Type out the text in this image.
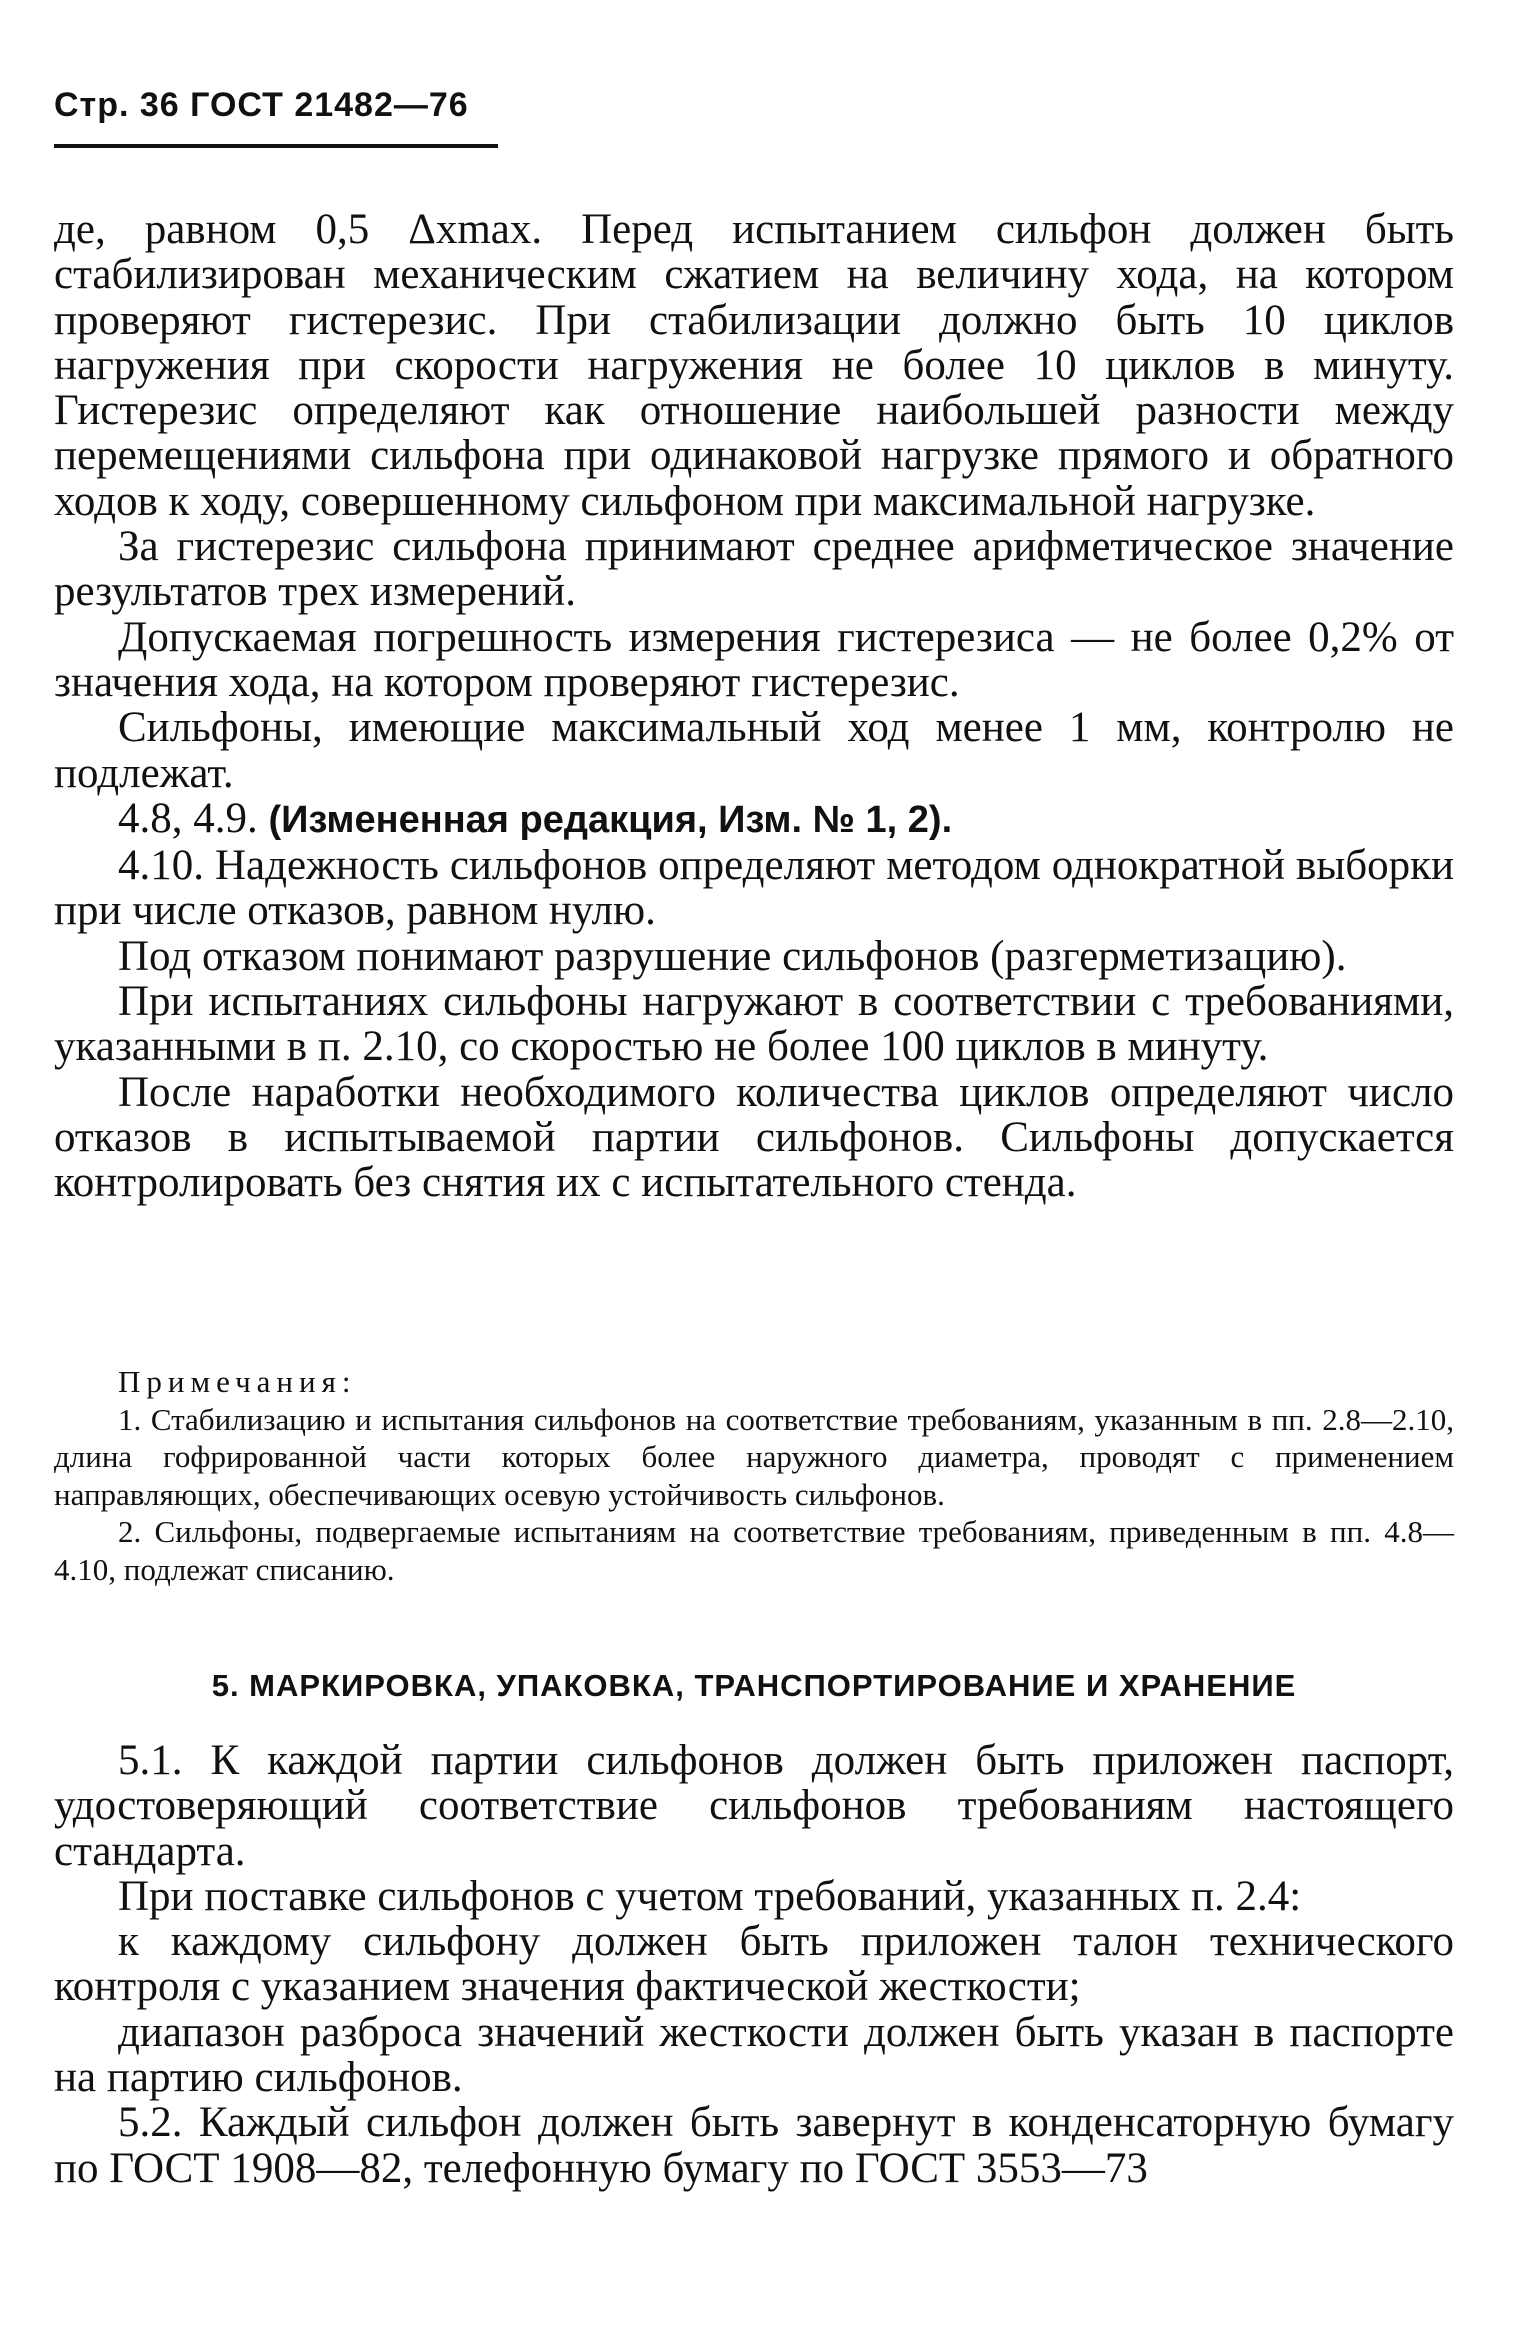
Стр. 36 ГОСТ 21482—76

де, равном 0,5 Δxmax. Перед испытанием сильфон должен быть стабилизирован механическим сжатием на величину хода, на котором проверяют гистерезис. При стабилизации должно быть 10 циклов нагружения при скорости нагружения не более 10 циклов в минуту. Гистерезис определяют как отношение наибольшей разности между перемещениями сильфона при одинаковой нагрузке прямого и обратного ходов к ходу, совершенному сильфоном при максимальной нагрузке.

За гистерезис сильфона принимают среднее арифметическое значение результатов трех измерений.

Допускаемая погрешность измерения гистерезиса — не более 0,2% от значения хода, на котором проверяют гистерезис.

Сильфоны, имеющие максимальный ход менее 1 мм, контролю не подлежат.

4.8, 4.9. (Измененная редакция, Изм. № 1, 2).

4.10. Надежность сильфонов определяют методом однократной выборки при числе отказов, равном нулю.

Под отказом понимают разрушение сильфонов (разгерметизацию).

При испытаниях сильфоны нагружают в соответствии с требованиями, указанными в п. 2.10, со скоростью не более 100 циклов в минуту.

После наработки необходимого количества циклов определяют число отказов в испытываемой партии сильфонов. Сильфоны допускается контролировать без снятия их с испытательного стенда.

Примечания:

1. Стабилизацию и испытания сильфонов на соответствие требованиям, указанным в пп. 2.8—2.10, длина гофрированной части которых более наружного диаметра, проводят с применением направляющих, обеспечивающих осевую устойчивость сильфонов.

2. Сильфоны, подвергаемые испытаниям на соответствие требованиям, приведенным в пп. 4.8—4.10, подлежат списанию.

5. МАРКИРОВКА, УПАКОВКА, ТРАНСПОРТИРОВАНИЕ И ХРАНЕНИЕ

5.1. К каждой партии сильфонов должен быть приложен паспорт, удостоверяющий соответствие сильфонов требованиям настоящего стандарта.

При поставке сильфонов с учетом требований, указанных п. 2.4:

к каждому сильфону должен быть приложен талон технического контроля с указанием значения фактической жесткости;

диапазон разброса значений жесткости должен быть указан в паспорте на партию сильфонов.

5.2. Каждый сильфон должен быть завернут в конденсаторную бумагу по ГОСТ 1908—82, телефонную бумагу по ГОСТ 3553—73
